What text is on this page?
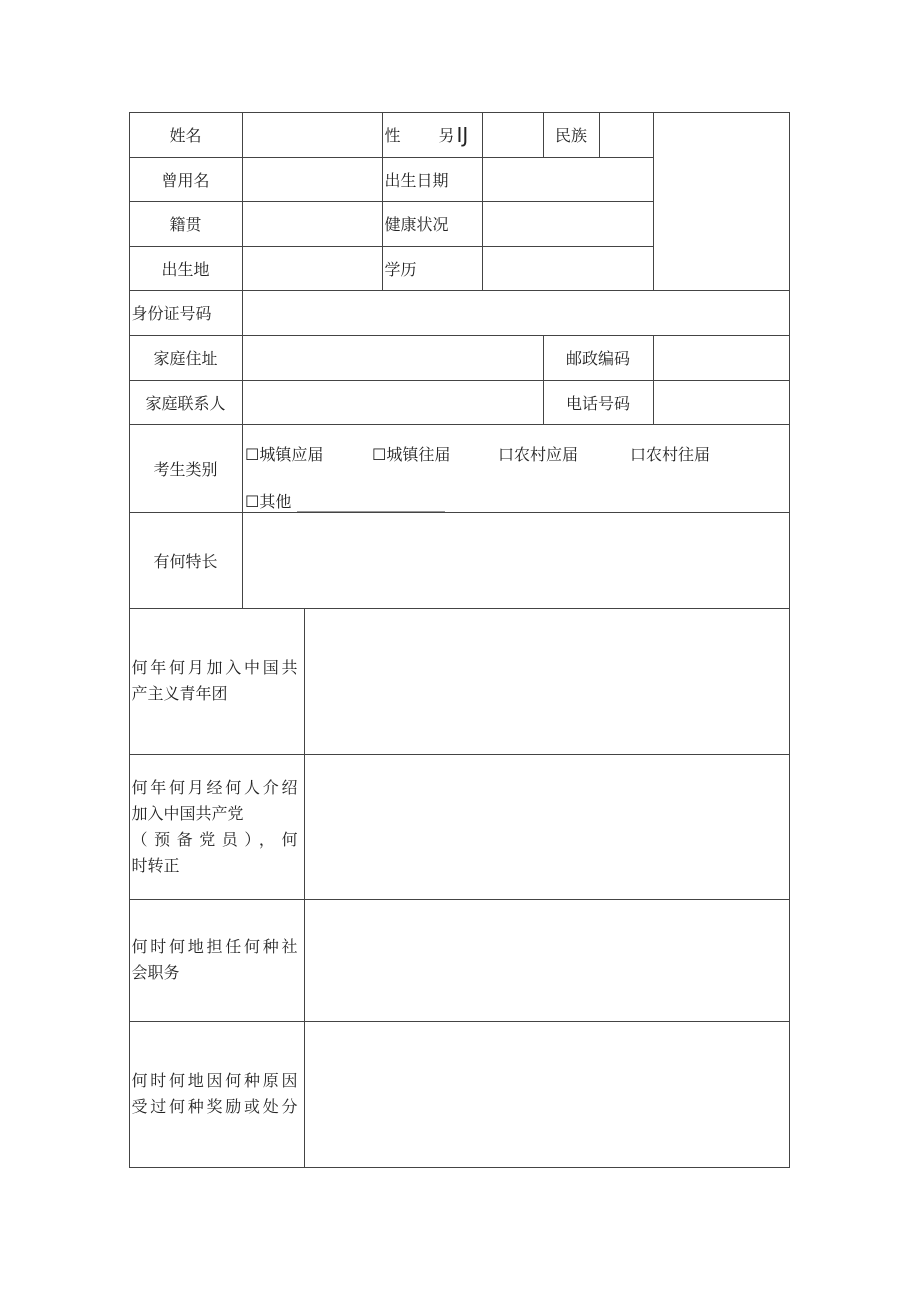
姓名	性 另 IJ	民族
曾用名	出生日期
籍贯	健康状况
出生地	学历
身份证号码
家庭住址	邮政编码
家庭联系人	电话号码
考生类别
☐城镇应届	☐城镇往届	口农村应届	口农村往届
☐其他
有何特长
何年何月加入中国共
产主义青年团
何年何月经何人介绍
加入中国共产党
（预备党员），何
时转正
何时何地担任何种社
会职务
何时何地因何种原因
受过何种奖励或处分
